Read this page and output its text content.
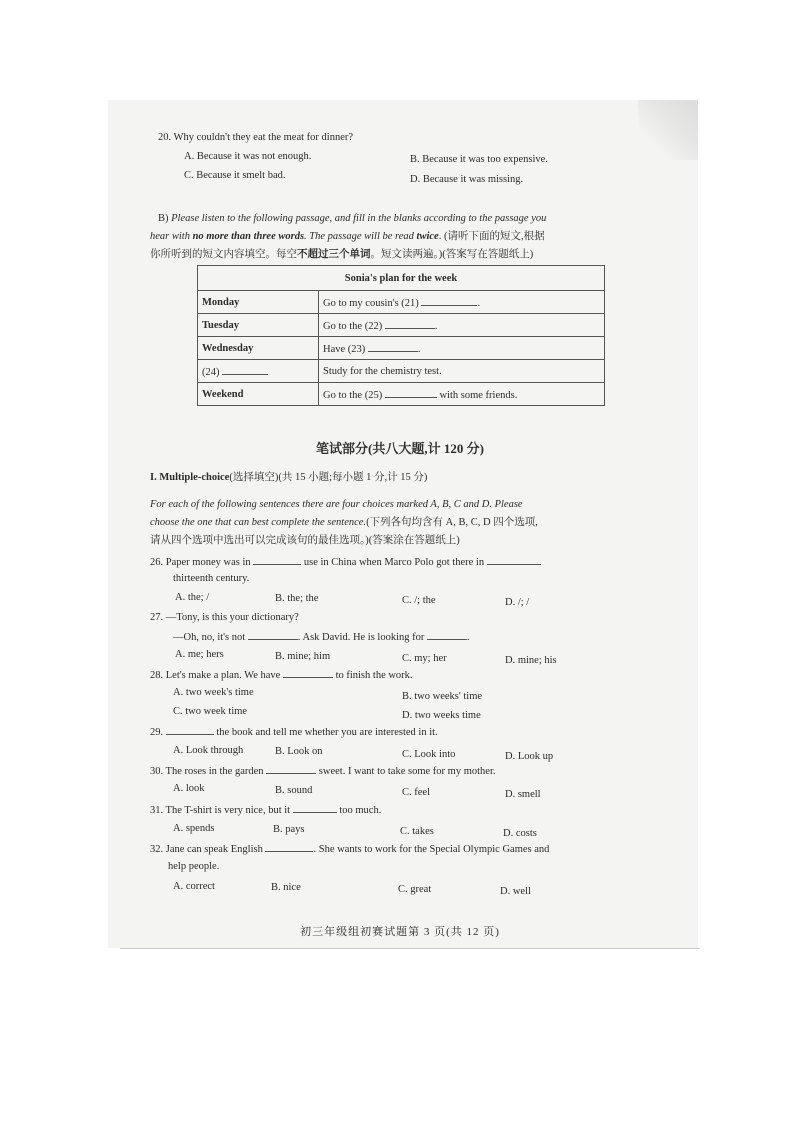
20. Why couldn't they eat the meat for dinner?
A. Because it was not enough.	B. Because it was too expensive.
C. Because it smelt bad.	D. Because it was missing.
B) Please listen to the following passage, and fill in the blanks according to the passage you
hear with no more than three words. The passage will be read twice. (请听下面的短文,根据
你所听到的短文内容填空。每空不超过三个单词。短文读两遍。)(答案写在答题纸上)
Sonia's plan for the week	
Monday	Go to my cousin's (21) .
Tuesday	Go to the (22) .
Wednesday	Have (23) .
(24)	Study for the chemistry test.
Weekend	Go to the (25) with some friends.
笔试部分(共八大题,计 120 分)
I. Multiple-choice(选择填空)(共 15 小题;每小题 1 分,计 15 分)
For each of the following sentences there are four choices marked A, B, C and D. Please
choose the one that can best complete the sentence.(下列各句均含有 A, B, C, D 四个选项,
请从四个选项中选出可以完成该句的最佳选项。)(答案涂在答题纸上)
26. Paper money was in	use in China when Marco Polo got there in
thirteenth century.
A. the; /	B. the; the	C. /; the	D. /; /
27. —Tony, is this your dictionary?
—Oh, no, it's not	. Ask David. He is looking for	.
A. me; hers	B. mine; him	C. my; her	D. mine; his
28. Let's make a plan. We have	to finish the work.
A. two week's time	B. two weeks' time
C. two week time	D. two weeks time
29.	the book and tell me whether you are interested in it.
A. Look through	B. Look on	C. Look into	D. Look up
30. The roses in the garden	sweet. I want to take some for my mother.
A. look	B. sound	C. feel	D. smell
31. The T-shirt is very nice, but it	too much.
A. spends	B. pays	C. takes	D. costs
32. Jane can speak English	. She wants to work for the Special Olympic Games and
help people.
A. correct	B. nice	C. great	D. well
初三年级组初赛试题第 3 页(共 12 页)
